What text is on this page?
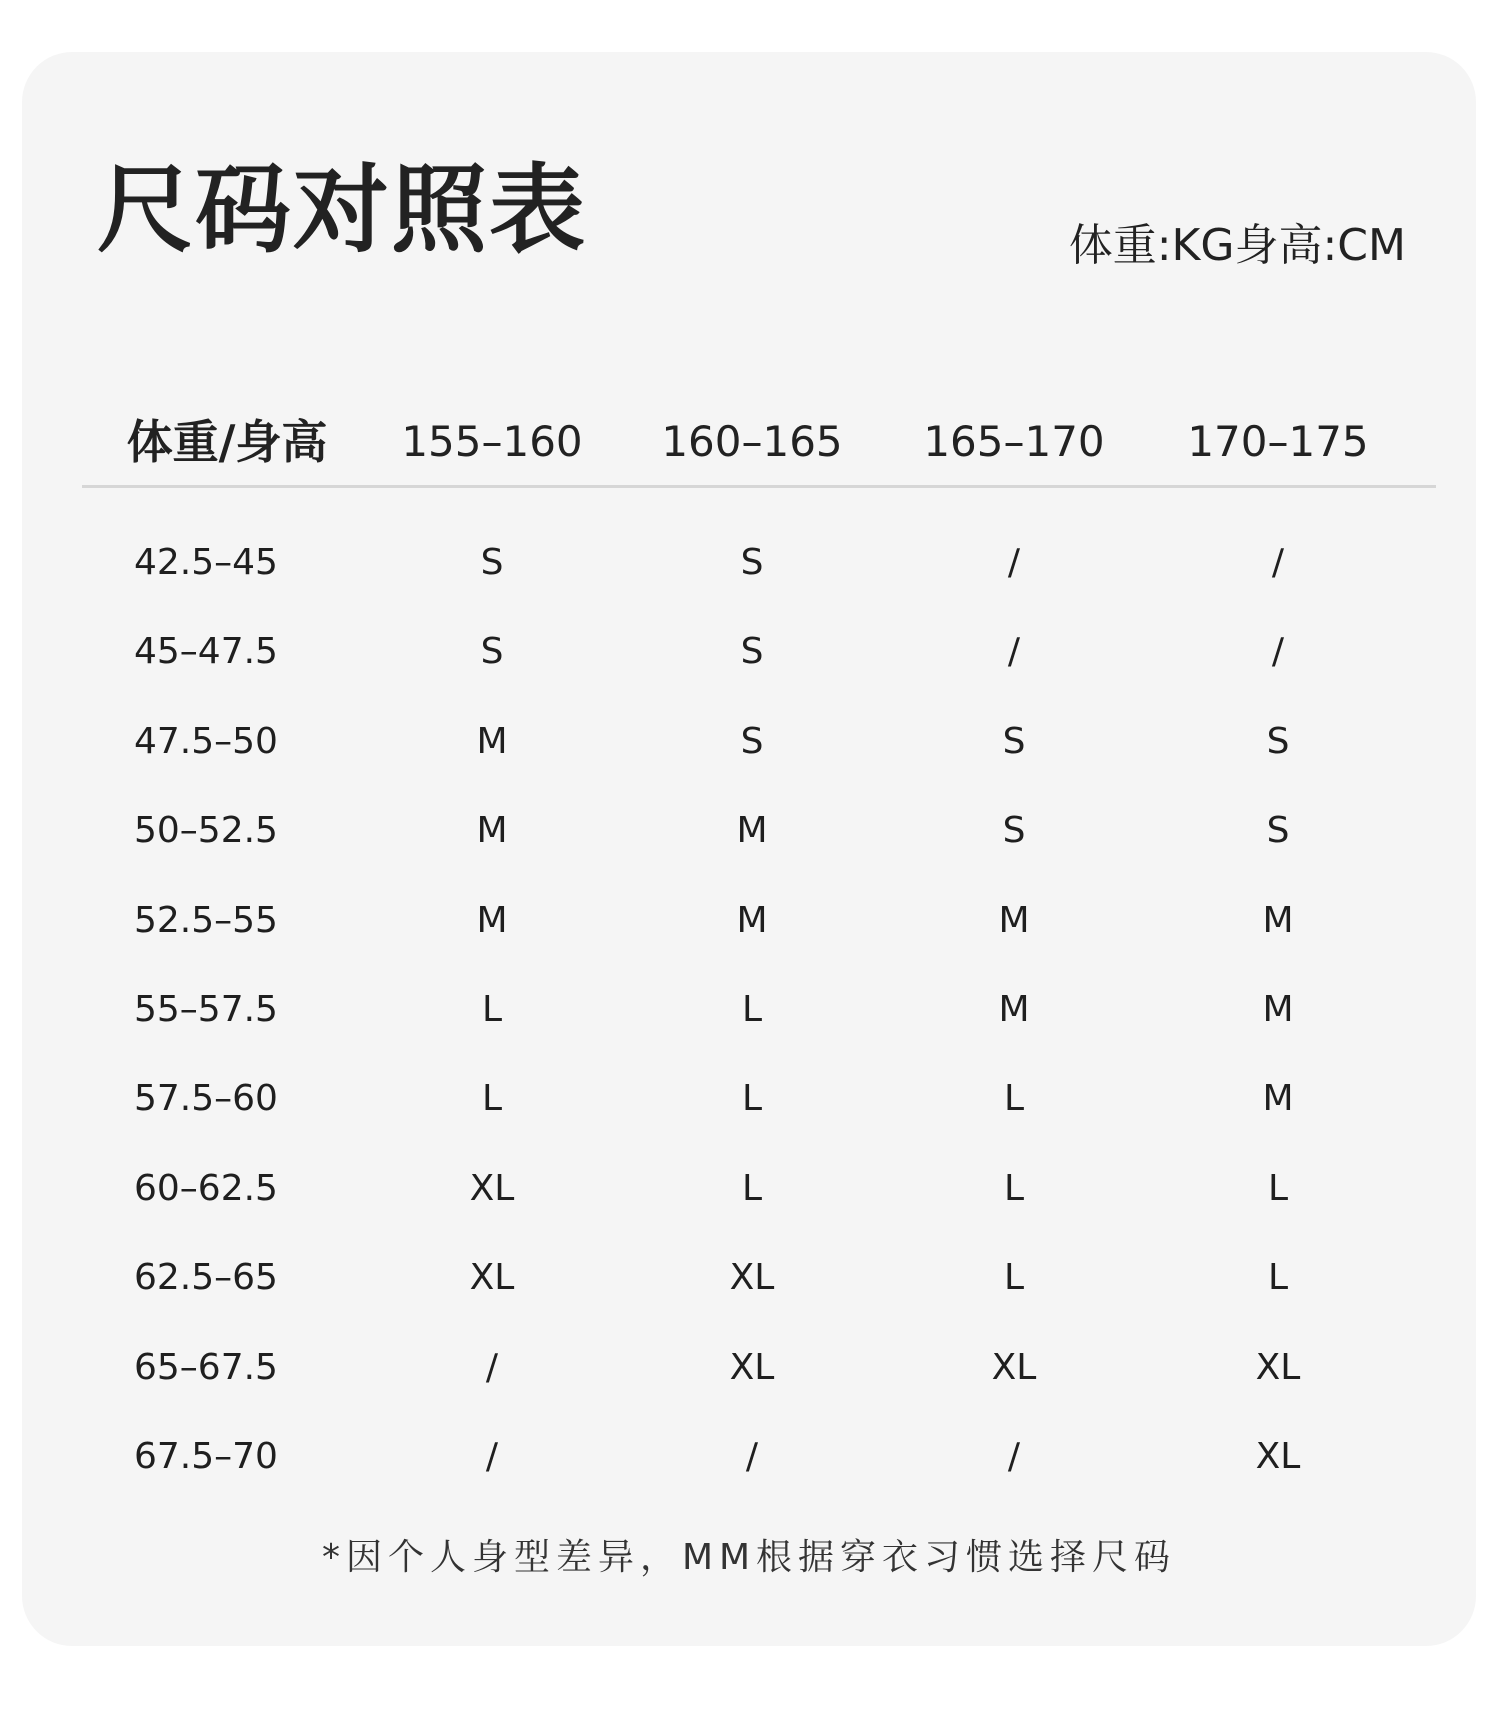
尺码对照表	体重:KG身高:CM
体重/身高	155–160 160–165 165–170 170–175
42.5–45	S	S	/	/
45–47.5	S	S	/	/
47.5–50	M	S	S	S
50–52.5	M	M	S	S
52.5–55	M	M	M	M
55–57.5	L	L	M	M
57.5–60	L	L	L	M
60–62.5	XL	L	L	L
62.5–65	XL	XL	L	L
65–67.5	/	XL	XL	XL
67.5–70	/	/	/	XL
*因个人身型差异，MM根据穿衣习惯选择尺码
